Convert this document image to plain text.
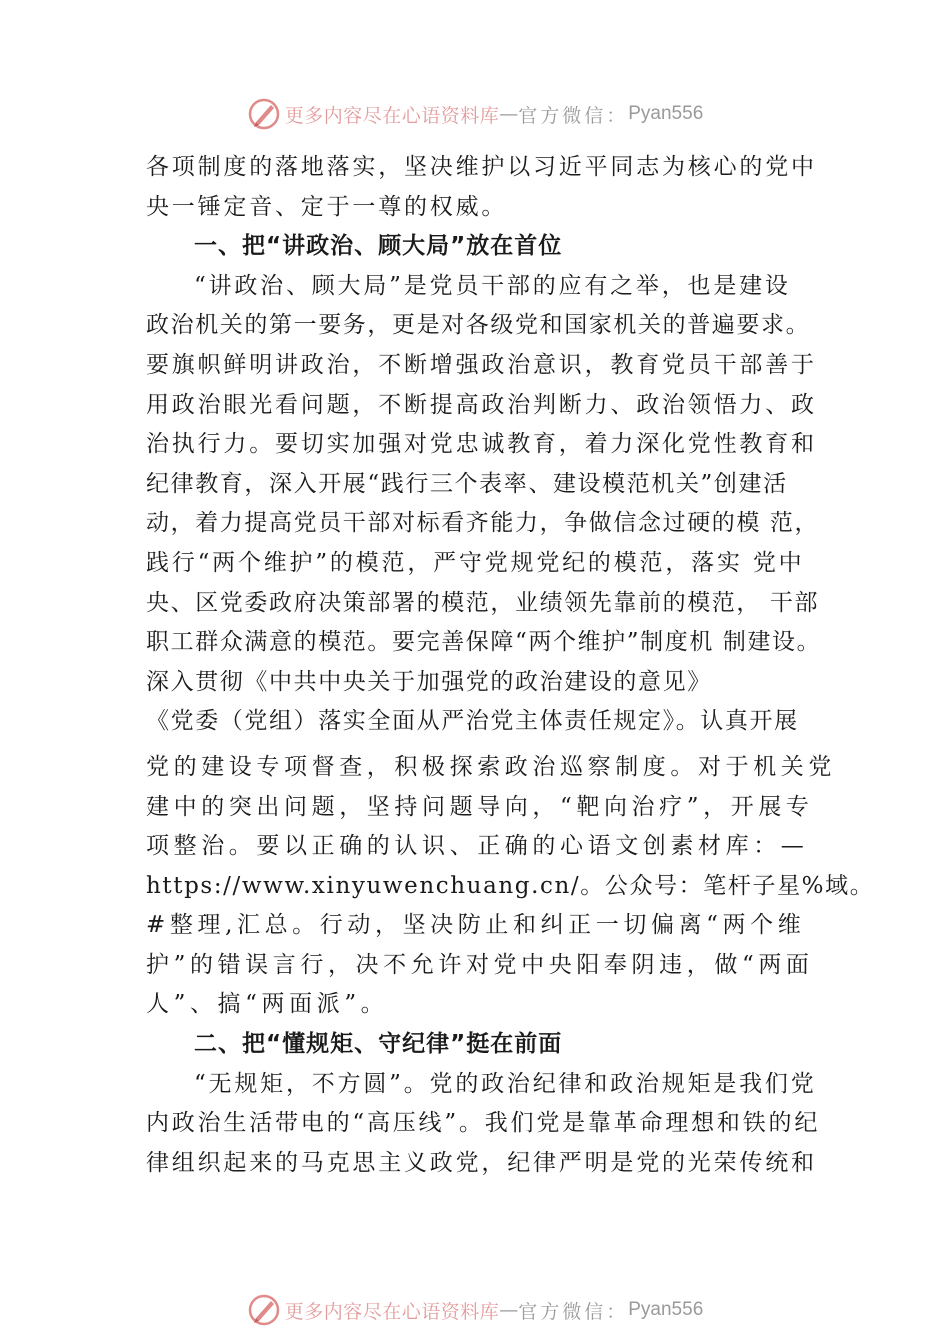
更多内容尽在心语资料库 — 官方微信： Pyan556
各项制度的落地落实，坚决维护以习近平同志为核心的党中
央一锤定音、定于一尊的权威。
一、把“讲政治、顾大局”放在首位
“讲政治、顾大局”是党员干部的应有之举，也是建设
政治机关的第一要务，更是对各级党和国家机关的普遍要求。
要旗帜鲜明讲政治，不断增强政治意识，教育党员干部善于
用政治眼光看问题，不断提高政治判断力、政治领悟力、政
治执行力。要切实加强对党忠诚教育，着力深化党性教育和
纪律教育，深入开展“践行三个表率、建设模范机关”创建活
动，着力提高党员干部对标看齐能力，争做信念过硬的模 范，
践行“两个维护”的模范，严守党规党纪的模范，落实 党中
央、区党委政府决策部署的模范，业绩领先靠前的模范， 干部
职工群众满意的模范。要完善保障“两个维护”制度机 制建设。
深入贯彻《中共中央关于加强党的政治建设的意见》
《党委（党组）落实全面从严治党主体责任规定》。认真开展
党的建设专项督查，积极探索政治巡察制度。对于机关党
建中的突出问题，坚持问题导向，“靶向治疗”，开展专
项整治。要以正确的认识、正确的心语文创素材库：—
https://www.xinyuwenchuang.cn/。公众号：笔杆子星%域。
#整理,汇总。行动，坚决防止和纠正一切偏离“两个维
护”的错误言行，决不允许对党中央阳奉阴违，做“两面
人”、搞“两面派”。
二、把“懂规矩、守纪律”挺在前面
“无规矩，不方圆”。党的政治纪律和政治规矩是我们党
内政治生活带电的“高压线”。我们党是靠革命理想和铁的纪
律组织起来的马克思主义政党，纪律严明是党的光荣传统和
更多内容尽在心语资料库 — 官方微信： Pyan556
